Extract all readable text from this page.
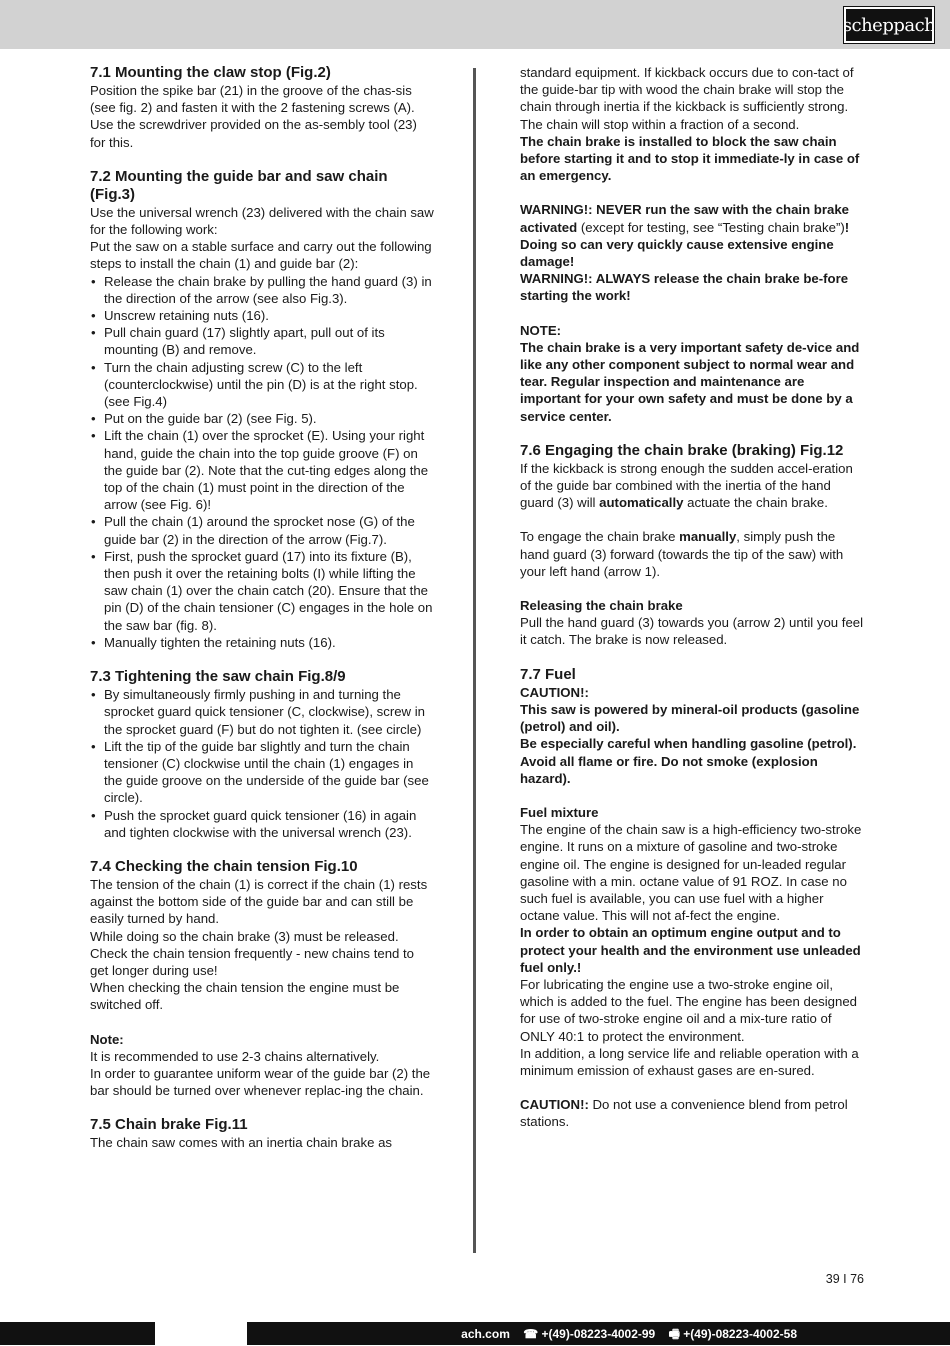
scheppach
7.1 Mounting the claw stop (Fig.2)

Position the spike bar (21) in the groove of the chas-sis (see fig. 2) and fasten it with the 2 fastening screws (A). Use the screwdriver provided on the as-sembly tool (23) for this.

7.2 Mounting the guide bar and saw chain (Fig.3)

Use the universal wrench (23) delivered with the chain saw for the following work:

Put the saw on a stable surface and carry out the following steps to install the chain (1) and guide bar (2):

• Release the chain brake by pulling the hand guard (3) in the direction of the arrow (see also Fig.3).
• Unscrew retaining nuts (16).
• Pull chain guard (17) slightly apart, pull out of its mounting (B) and remove.
• Turn the chain adjusting screw (C) to the left (counterclockwise) until the pin (D) is at the right stop. (see Fig.4)
• Put on the guide bar (2) (see Fig. 5).
• Lift the chain (1) over the sprocket (E). Using your right hand, guide the chain into the top guide groove (F) on the guide bar (2). Note that the cut-ting edges along the top of the chain (1) must point in the direction of the arrow (see Fig. 6)!
• Pull the chain (1) around the sprocket nose (G) of the guide bar (2) in the direction of the arrow (Fig.7).
• First, push the sprocket guard (17) into its fixture (B), then push it over the retaining bolts (I) while lifting the saw chain (1) over the chain catch (20). Ensure that the pin (D) of the chain tensioner (C) engages in the hole on the saw bar (fig. 8).
• Manually tighten the retaining nuts (16).
7.3 Tightening the saw chain Fig.8/9
• By simultaneously firmly pushing in and turning the sprocket guard quick tensioner (C, clockwise), screw in the sprocket guard (F) but do not tighten it. (see circle)
• Lift the tip of the guide bar slightly and turn the chain tensioner (C) clockwise until the chain (1) engages in the guide groove on the underside of the guide bar (see circle).
• Push the sprocket guard quick tensioner (16) in again and tighten clockwise with the universal wrench (23).
7.4 Checking the chain tension Fig.10

The tension of the chain (1) is correct if the chain (1) rests against the bottom side of the guide bar and can still be easily turned by hand.

While doing so the chain brake (3) must be released.

Check the chain tension frequently - new chains tend to get longer during use!

When checking the chain tension the engine must be switched off.

Note:

It is recommended to use 2-3 chains alternatively.

In order to guarantee uniform wear of the guide bar (2) the bar should be turned over whenever replac-ing the chain.

7.5 Chain brake Fig.11

The chain saw comes with an inertia chain brake as

standard equipment. If kickback occurs due to con-tact of the guide-bar tip with wood the chain brake will stop the chain through inertia if the kickback is sufficiently strong.

The chain will stop within a fraction of a second.

The chain brake is installed to block the saw chain before starting it and to stop it immediate-ly in case of an emergency.

WARNING!: NEVER run the saw with the chain brake activated (except for testing, see “Testing chain brake”)! Doing so can very quickly cause extensive engine damage!

WARNING!: ALWAYS release the chain brake be-fore starting the work!

NOTE:

The chain brake is a very important safety de-vice and like any other component subject to normal wear and tear. Regular inspection and maintenance are important for your own safety and must be done by a service center.

7.6 Engaging the chain brake (braking) Fig.12

If the kickback is strong enough the sudden accel-eration of the guide bar combined with the inertia of the hand guard (3) will automatically actuate the chain brake.

To engage the chain brake manually, simply push the hand guard (3) forward (towards the tip of the saw) with your left hand (arrow 1).

Releasing the chain brake

Pull the hand guard (3) towards you (arrow 2) until you feel it catch. The brake is now released.

7.7 Fuel

CAUTION!:

This saw is powered by mineral-oil products (gasoline (petrol) and oil).

Be especially careful when handling gasoline (petrol).

Avoid all flame or fire. Do not smoke (explosion hazard).

Fuel mixture

The engine of the chain saw is a high-efficiency two-stroke engine. It runs on a mixture of gasoline and two-stroke engine oil. The engine is designed for un-leaded regular gasoline with a min. octane value of 91 ROZ. In case no such fuel is available, you can use fuel with a higher octane value. This will not af-fect the engine.

In order to obtain an optimum engine output and to protect your health and the environment use unleaded fuel only.!

For lubricating the engine use a two-stroke engine oil, which is added to the fuel. The engine has been designed for use of two-stroke engine oil and a mix-ture ratio of ONLY 40:1 to protect the environment.

In addition, a long service life and reliable operation with a minimum emission of exhaust gases are en-sured.

CAUTION!: Do not use a convenience blend from petrol stations.

39 I 76
ach.com ☎ +(49)-08223-4002-99 🖷 +(49)-08223-4002-58
